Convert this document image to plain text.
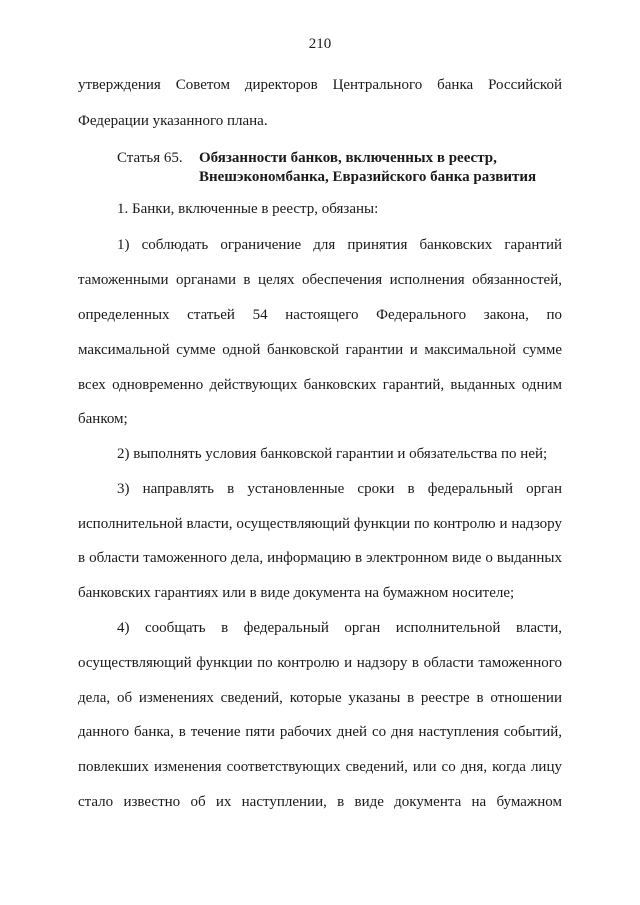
210
утверждения Советом директоров Центрального банка Российской
Федерации указанного плана.
Статья 65. Обязанности банков, включенных в реестр,
Внешэкономбанка, Евразийского банка развития
1. Банки, включенные в реестр, обязаны:
1) соблюдать ограничение для принятия банковских гарантий
таможенными органами в целях обеспечения исполнения обязанностей,
определенных статьей 54 настоящего Федерального закона, по
максимальной сумме одной банковской гарантии и максимальной сумме
всех одновременно действующих банковских гарантий, выданных одним
банком;
2) выполнять условия банковской гарантии и обязательства по ней;
3) направлять в установленные сроки в федеральный орган
исполнительной власти, осуществляющий функции по контролю и надзору
в области таможенного дела, информацию в электронном виде о выданных
банковских гарантиях или в виде документа на бумажном носителе;
4) сообщать в федеральный орган исполнительной власти,
осуществляющий функции по контролю и надзору в области таможенного
дела, об изменениях сведений, которые указаны в реестре в отношении
данного банка, в течение пяти рабочих дней со дня наступления событий,
повлекших изменения соответствующих сведений, или со дня, когда лицу
стало известно об их наступлении, в виде документа на бумажном
